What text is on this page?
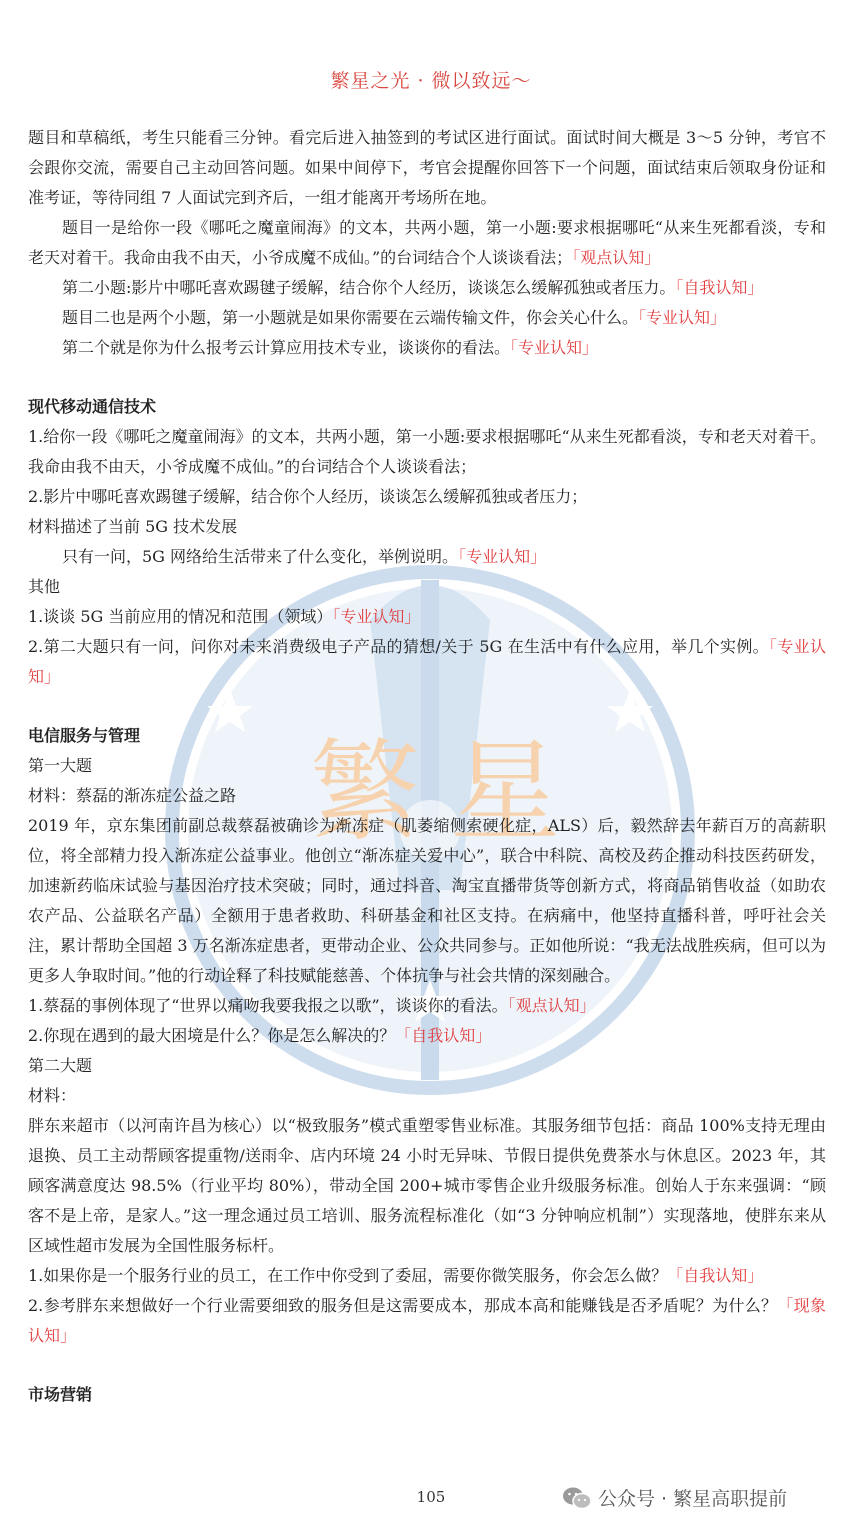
繁星之光 · 微以致远～
繁 星

题目和草稿纸，考生只能看三分钟。看完后进入抽签到的考试区进行面试。面试时间大概是 3～5 分钟，考官不会跟你交流，需要自己主动回答问题。如果中间停下，考官会提醒你回答下一个问题，面试结束后领取身份证和准考证，等待同组 7 人面试完到齐后，一组才能离开考场所在地。

题目一是给你一段《哪吒之魔童闹海》的文本，共两小题，第一小题:要求根据哪吒“从来生死都看淡，专和老天对着干。我命由我不由天，小爷成魔不成仙。”的台词结合个人谈谈看法；「观点认知」

第二小题:影片中哪吒喜欢踢毽子缓解，结合你个人经历，谈谈怎么缓解孤独或者压力。「自我认知」

题目二也是两个小题，第一小题就是如果你需要在云端传输文件，你会关心什么。「专业认知」

第二个就是你为什么报考云计算应用技术专业，谈谈你的看法。「专业认知」

现代移动通信技术

1.给你一段《哪吒之魔童闹海》的文本，共两小题，第一小题:要求根据哪吒“从来生死都看淡，专和老天对着干。我命由我不由天，小爷成魔不成仙。”的台词结合个人谈谈看法；

2.影片中哪吒喜欢踢毽子缓解，结合你个人经历，谈谈怎么缓解孤独或者压力；

材料描述了当前 5G 技术发展

只有一问，5G 网络给生活带来了什么变化，举例说明。「专业认知」

其他

1.谈谈 5G 当前应用的情况和范围（领域）「专业认知」

2.第二大题只有一问，问你对未来消费级电子产品的猜想/关于 5G 在生活中有什么应用，举几个实例。「专业认知」

电信服务与管理

第一大题

材料：蔡磊的渐冻症公益之路

2019 年，京东集团前副总裁蔡磊被确诊为渐冻症（肌萎缩侧索硬化症，ALS）后，毅然辞去年薪百万的高薪职位，将全部精力投入渐冻症公益事业。他创立“渐冻症关爱中心”，联合中科院、高校及药企推动科技医药研发，加速新药临床试验与基因治疗技术突破；同时，通过抖音、淘宝直播带货等创新方式，将商品销售收益（如助农农产品、公益联名产品）全额用于患者救助、科研基金和社区支持。在病痛中，他坚持直播科普，呼吁社会关注，累计帮助全国超 3 万名渐冻症患者，更带动企业、公众共同参与。正如他所说：“我无法战胜疾病，但可以为更多人争取时间。”他的行动诠释了科技赋能慈善、个体抗争与社会共情的深刻融合。

1.蔡磊的事例体现了“世界以痛吻我要我报之以歌”，谈谈你的看法。「观点认知」

2.你现在遇到的最大困境是什么？你是怎么解决的？「自我认知」

第二大题

材料：

胖东来超市（以河南许昌为核心）以“极致服务”模式重塑零售业标准。其服务细节包括：商品 100%支持无理由退换、员工主动帮顾客提重物/送雨伞、店内环境 24 小时无异味、节假日提供免费茶水与休息区。2023 年，其顾客满意度达 98.5%（行业平均 80%），带动全国 200+城市零售企业升级服务标准。创始人于东来强调：“顾客不是上帝，是家人。”这一理念通过员工培训、服务流程标准化（如“3 分钟响应机制”）实现落地，使胖东来从区域性超市发展为全国性服务标杆。

1.如果你是一个服务行业的员工，在工作中你受到了委屈，需要你微笑服务，你会怎么做？「自我认知」

2.参考胖东来想做好一个行业需要细致的服务但是这需要成本，那成本高和能赚钱是否矛盾呢？为什么？「现象认知」

市场营销

105	公众号 · 繁星高职提前
